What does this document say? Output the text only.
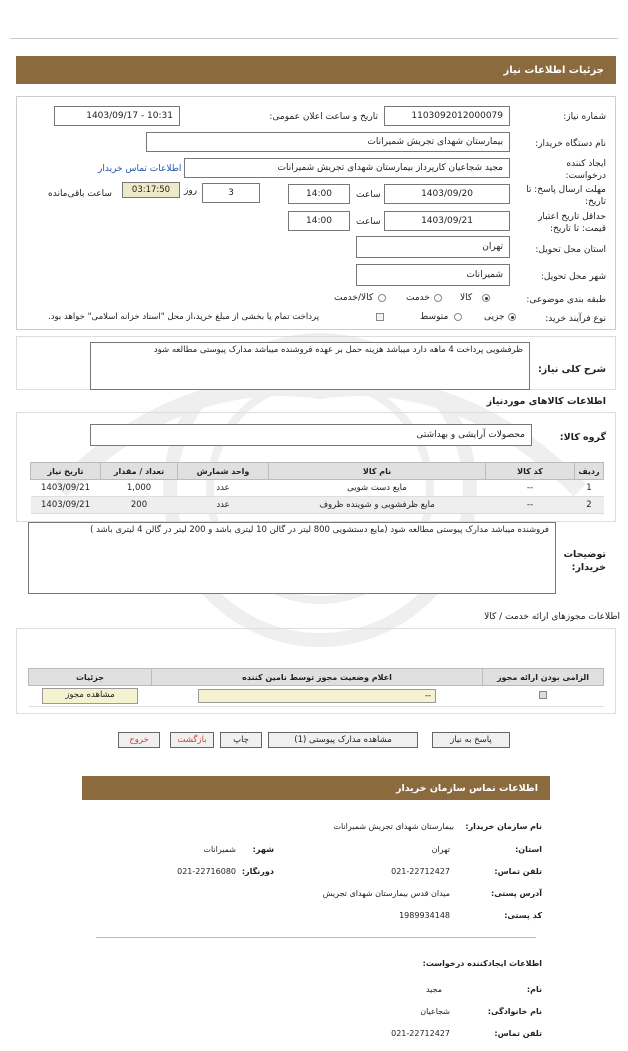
جزئیات اطلاعات نیاز
شماره نیاز:
1103092012000079
تاریخ و ساعت اعلان عمومی:
1403/09/17 - 10:31
نام دستگاه خریدار:
بیمارستان شهدای تجریش شمیرانات
ایجاد کننده درخواست:
مجید شجاعیان کارپرداز بیمارستان شهدای تجریش شمیرانات
اطلاعات تماس خریدار
مهلت ارسال پاسخ: تا تاریخ:
1403/09/20
ساعت
14:00
3
روز
03:17:50
ساعت باقی‌مانده
حداقل تاریخ اعتبار قیمت: تا تاریخ:
1403/09/21
ساعت
14:00
استان محل تحویل:
تهران
شهر محل تحویل:
شمیرانات
طبقه بندی موضوعی:
کالا
خدمت
کالا/خدمت
نوع فرآیند خرید:
جزیی
متوسط
پرداخت تمام یا بخشی از مبلغ خرید،از محل "اسناد خزانه اسلامی" خواهد بود.
شرح کلی نیاز:
ظرفشویی پرداخت 4 ماهه دارد میباشد هزینه حمل بر عهده فروشنده میباشد مدارک پیوستی مطالعه شود
اطلاعات کالاهای موردنیاز
گروه کالا:
محصولات آرایشی و بهداشتی
ردیف	کد کالا	نام کالا	واحد شمارش	تعداد / مقدار	تاریخ نیاز
1	--	مایع دست شویی	عدد	1,000	1403/09/21
2	--	مایع ظرفشویی و شوینده ظروف	عدد	200	1403/09/21
توضیحات خریدار:
فروشنده میباشد مدارک پیوستی مطالعه شود (مایع دستشویی 800 لیتر در گالن 10 لیتری باشد و 200 لیتر در گالن 4 لیتری باشد )
اطلاعات مجوزهای ارائه خدمت / کالا
الزامی بودن ارائه مجوز	اعلام وضعیت مجوز توسط نامین کننده	جزئیات

	--	مشاهده مجوز
پاسخ به نیاز
مشاهده مدارک پیوستی (1)
چاپ
بازگشت
خروج
اطلاعات تماس سازمان خریدار
نام سازمان خریدار:
بیمارستان شهدای تجریش شمیرانات
استان:
تهران
شهر:
شمیرانات
تلفن تماس:
021-22712427
دورنگار:
021-22716080
آدرس پستی:
میدان قدس بیمارستان شهدای تجریش
کد پستی:
1989934148
اطلاعات ایجادکننده درخواست:
نام:
مجید
نام خانوادگی:
شجاعیان
تلفن تماس:
021-22712427
